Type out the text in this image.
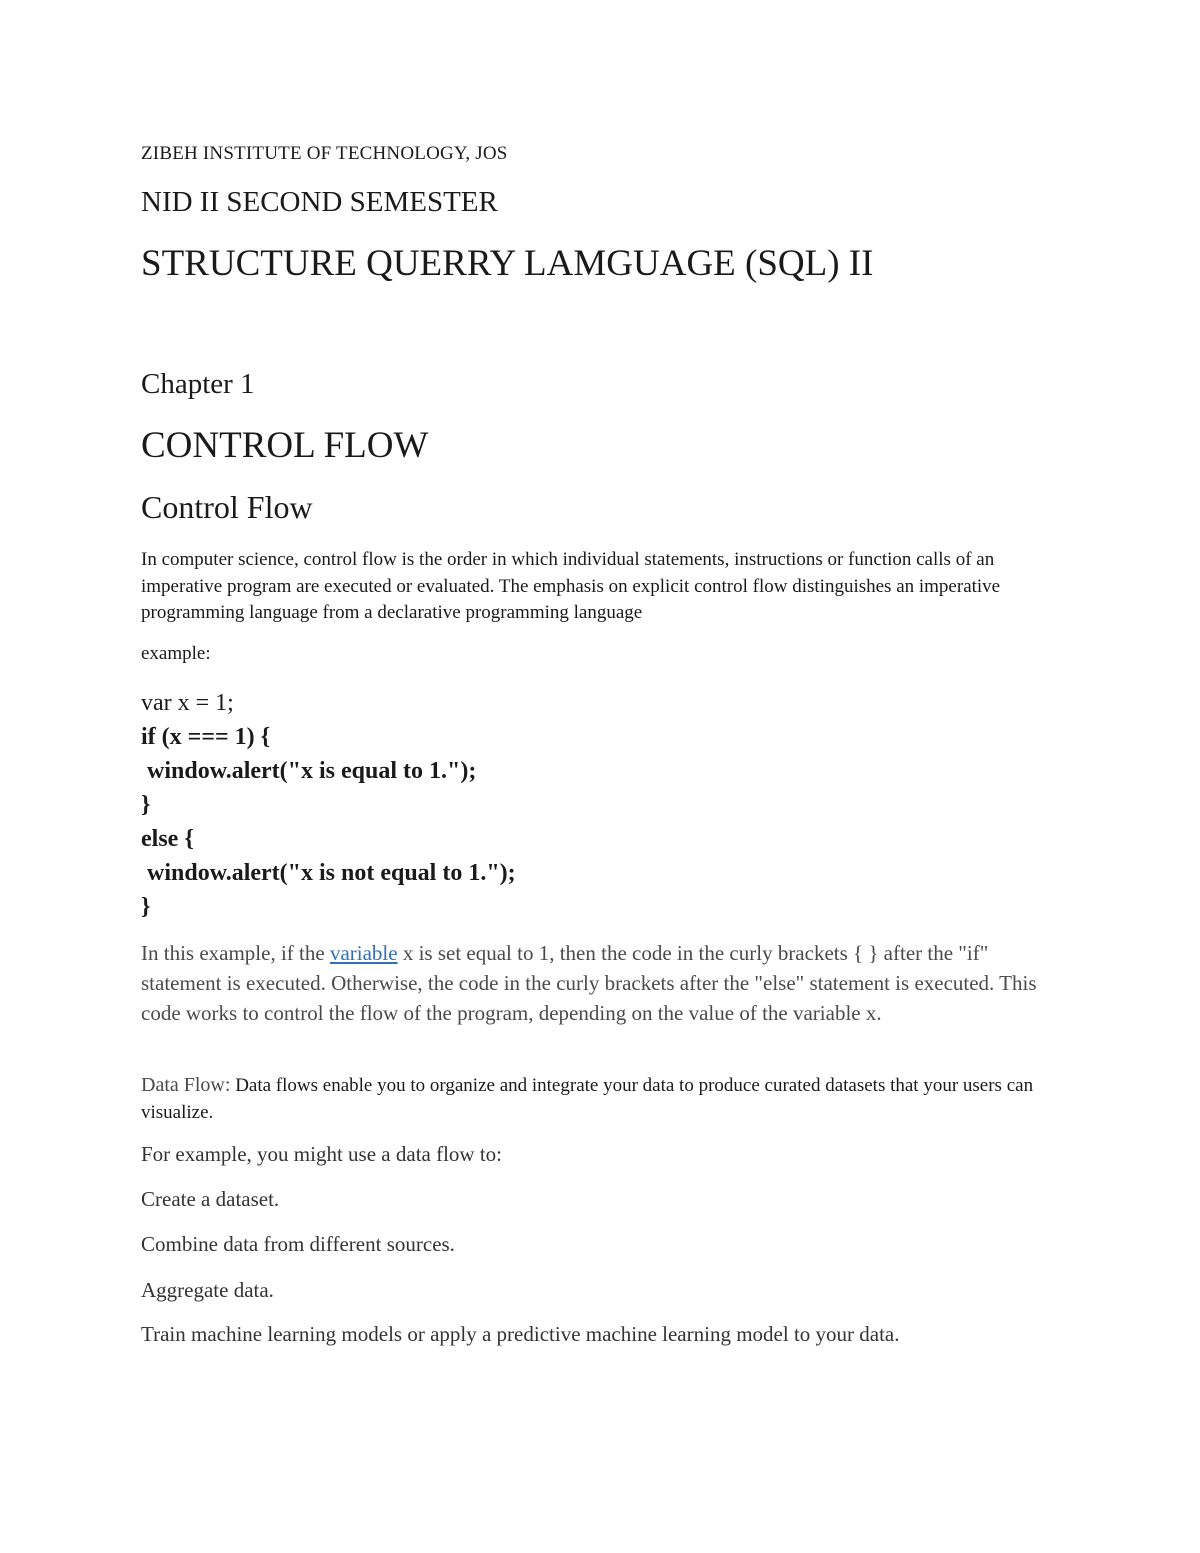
ZIBEH INSTITUTE OF TECHNOLOGY, JOS
NID II SECOND SEMESTER
STRUCTURE QUERRY LAMGUAGE (SQL) II
Chapter 1
CONTROL FLOW
Control Flow
In computer science, control flow is the order in which individual statements, instructions or function calls of an imperative program are executed or evaluated. The emphasis on explicit control flow distinguishes an imperative programming language from a declarative programming language
example:
var x = 1;
if (x === 1) {
window.alert("x is equal to 1.");
}
else {
window.alert("x is not equal to 1.");
}
In this example, if the variable x is set equal to 1, then the code in the curly brackets { } after the "if" statement is executed. Otherwise, the code in the curly brackets after the "else" statement is executed. This code works to control the flow of the program, depending on the value of the variable x.
Data Flow: Data flows enable you to organize and integrate your data to produce curated datasets that your users can visualize.
For example, you might use a data flow to:
Create a dataset.
Combine data from different sources.
Aggregate data.
Train machine learning models or apply a predictive machine learning model to your data.
